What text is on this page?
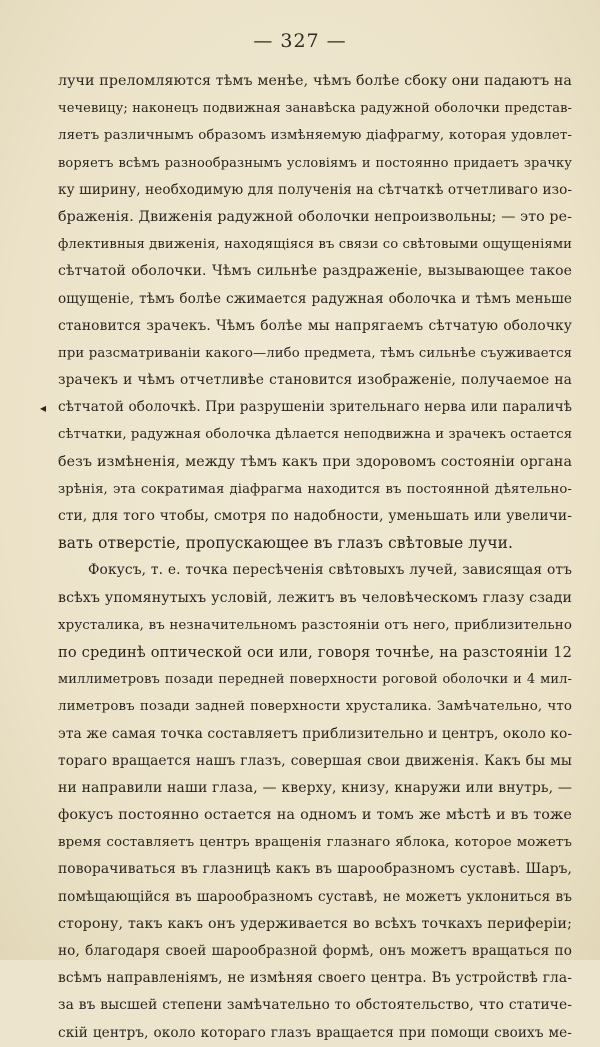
— 327 —
◂
лучи преломляются тѣмъ менѣе, чѣмъ болѣе сбоку они падаютъ на
чечевицу; наконецъ подвижная занавѣска радужной оболочки представ-
ляетъ различнымъ образомъ измѣняемую діафрагму, которая удовлет-
воряетъ всѣмъ разнообразнымъ условіямъ и постоянно придаетъ зрачку
ку ширину, необходимую для полученія на сѣтчаткѣ отчетливаго изо-
браженія. Движенія радужной оболочки непроизвольны; — это ре-
флективныя движенія, находящіяся въ связи со свѣтовыми ощущеніями
сѣтчатой оболочки. Чѣмъ сильнѣе раздраженіе, вызывающее такое
ощущеніе, тѣмъ болѣе сжимается радужная оболочка и тѣмъ меньше
становится зрачекъ. Чѣмъ болѣе мы напрягаемъ сѣтчатую оболочку
при разсматриваніи какого—либо предмета, тѣмъ сильнѣе съуживается
зрачекъ и чѣмъ отчетливѣе становится изображеніе, получаемое на
сѣтчатой оболочкѣ. При разрушеніи зрительнаго нерва или параличѣ
сѣтчатки, радужная оболочка дѣлается неподвижна и зрачекъ остается
безъ измѣненія, между тѣмъ какъ при здоровомъ состояніи органа
зрѣнія, эта сократимая діафрагма находится въ постоянной дѣятельно-
сти, для того чтобы, смотря по надобности, уменьшать или увеличи-
вать отверстіе, пропускающее въ глазъ свѣтовые лучи.
Фокусъ, т. е. точка пересѣченія свѣтовыхъ лучей, зависящая отъ
всѣхъ упомянутыхъ условій, лежитъ въ человѣческомъ глазу сзади
хрусталика, въ незначительномъ разстояніи отъ него, приблизительно
по срединѣ оптической оси или, говоря точнѣе, на разстояніи 12
миллиметровъ позади передней поверхности роговой оболочки и 4 мил-
лиметровъ позади задней поверхности хрусталика. Замѣчательно, что
эта же самая точка составляетъ приблизительно и центръ, около ко-
тораго вращается нашъ глазъ, совершая свои движенія. Какъ бы мы
ни направили наши глаза, — кверху, книзу, кнаружи или внутрь, —
фокусъ постоянно остается на одномъ и томъ же мѣстѣ и въ тоже
время составляетъ центръ вращенія глазнаго яблока, которое можетъ
поворачиваться въ глазницѣ какъ въ шарообразномъ суставѣ. Шаръ,
помѣщающійся въ шарообразномъ суставѣ, не можетъ уклониться въ
сторону, такъ какъ онъ удерживается во всѣхъ точкахъ периферіи;
но, благодаря своей шарообразной формѣ, онъ можетъ вращаться по
всѣмъ направленіямъ, не измѣняя своего центра. Въ устройствѣ гла-
за въ высшей степени замѣчательно то обстоятельство, что статиче-
скій центръ, около котораго глазъ вращается при помощи своихъ ме-
